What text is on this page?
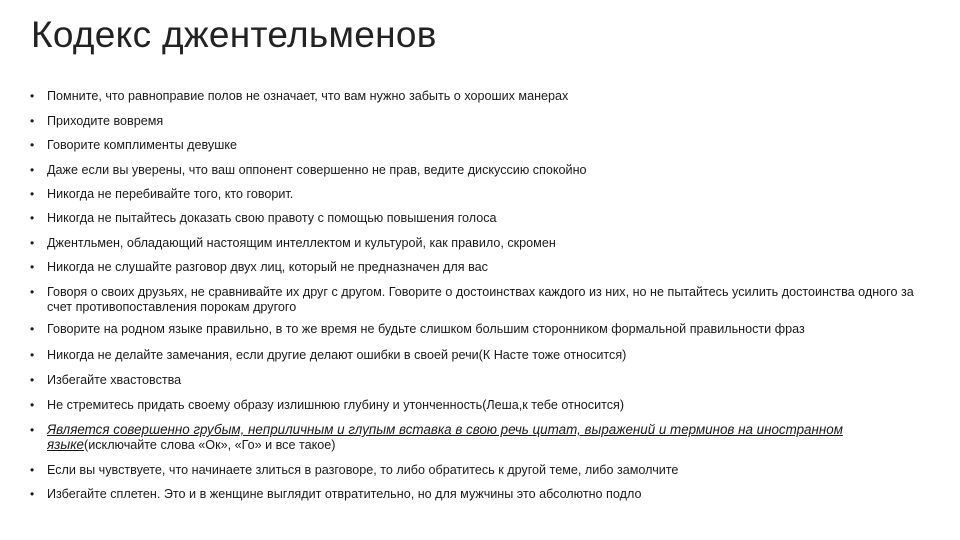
Кодекс джентельменов
• Помните, что равноправие полов не означает, что вам нужно забыть о хороших манерах
• Приходите вовремя
• Говорите комплименты девушке
• Даже если вы уверены, что ваш оппонент совершенно не прав, ведите дискуссию спокойно
• Никогда не перебивайте того, кто говорит.
• Никогда не пытайтесь доказать свою правоту с помощью повышения голоса
• Джентльмен, обладающий настоящим интеллектом и культурой, как правило, скромен
• Никогда не слушайте разговор двух лиц, который не предназначен для вас
• Говоря о своих друзьях, не сравнивайте их друг с другом. Говорите о достоинствах каждого из них, но не пытайтесь усилить достоинства одного за счет противопоставления порокам другого
• Говорите на родном языке правильно, в то же время не будьте слишком большим сторонником формальной правильности фраз
• Никогда не делайте замечания, если другие делают ошибки в своей речи(К Насте тоже относится)
• Избегайте хвастовства
• Не стремитесь придать своему образу излишнюю глубину и утонченность(Леша,к тебе относится)
• Является совершенно грубым, неприличным и глупым вставка в свою речь цитат, выражений и терминов на иностранном языке(исключайте слова «Ок», «Го» и все такое)
• Если вы чувствуете, что начинаете злиться в разговоре, то либо обратитесь к другой теме, либо замолчите
• Избегайте сплетен. Это и в женщине выглядит отвратительно, но для мужчины это абсолютно подло
